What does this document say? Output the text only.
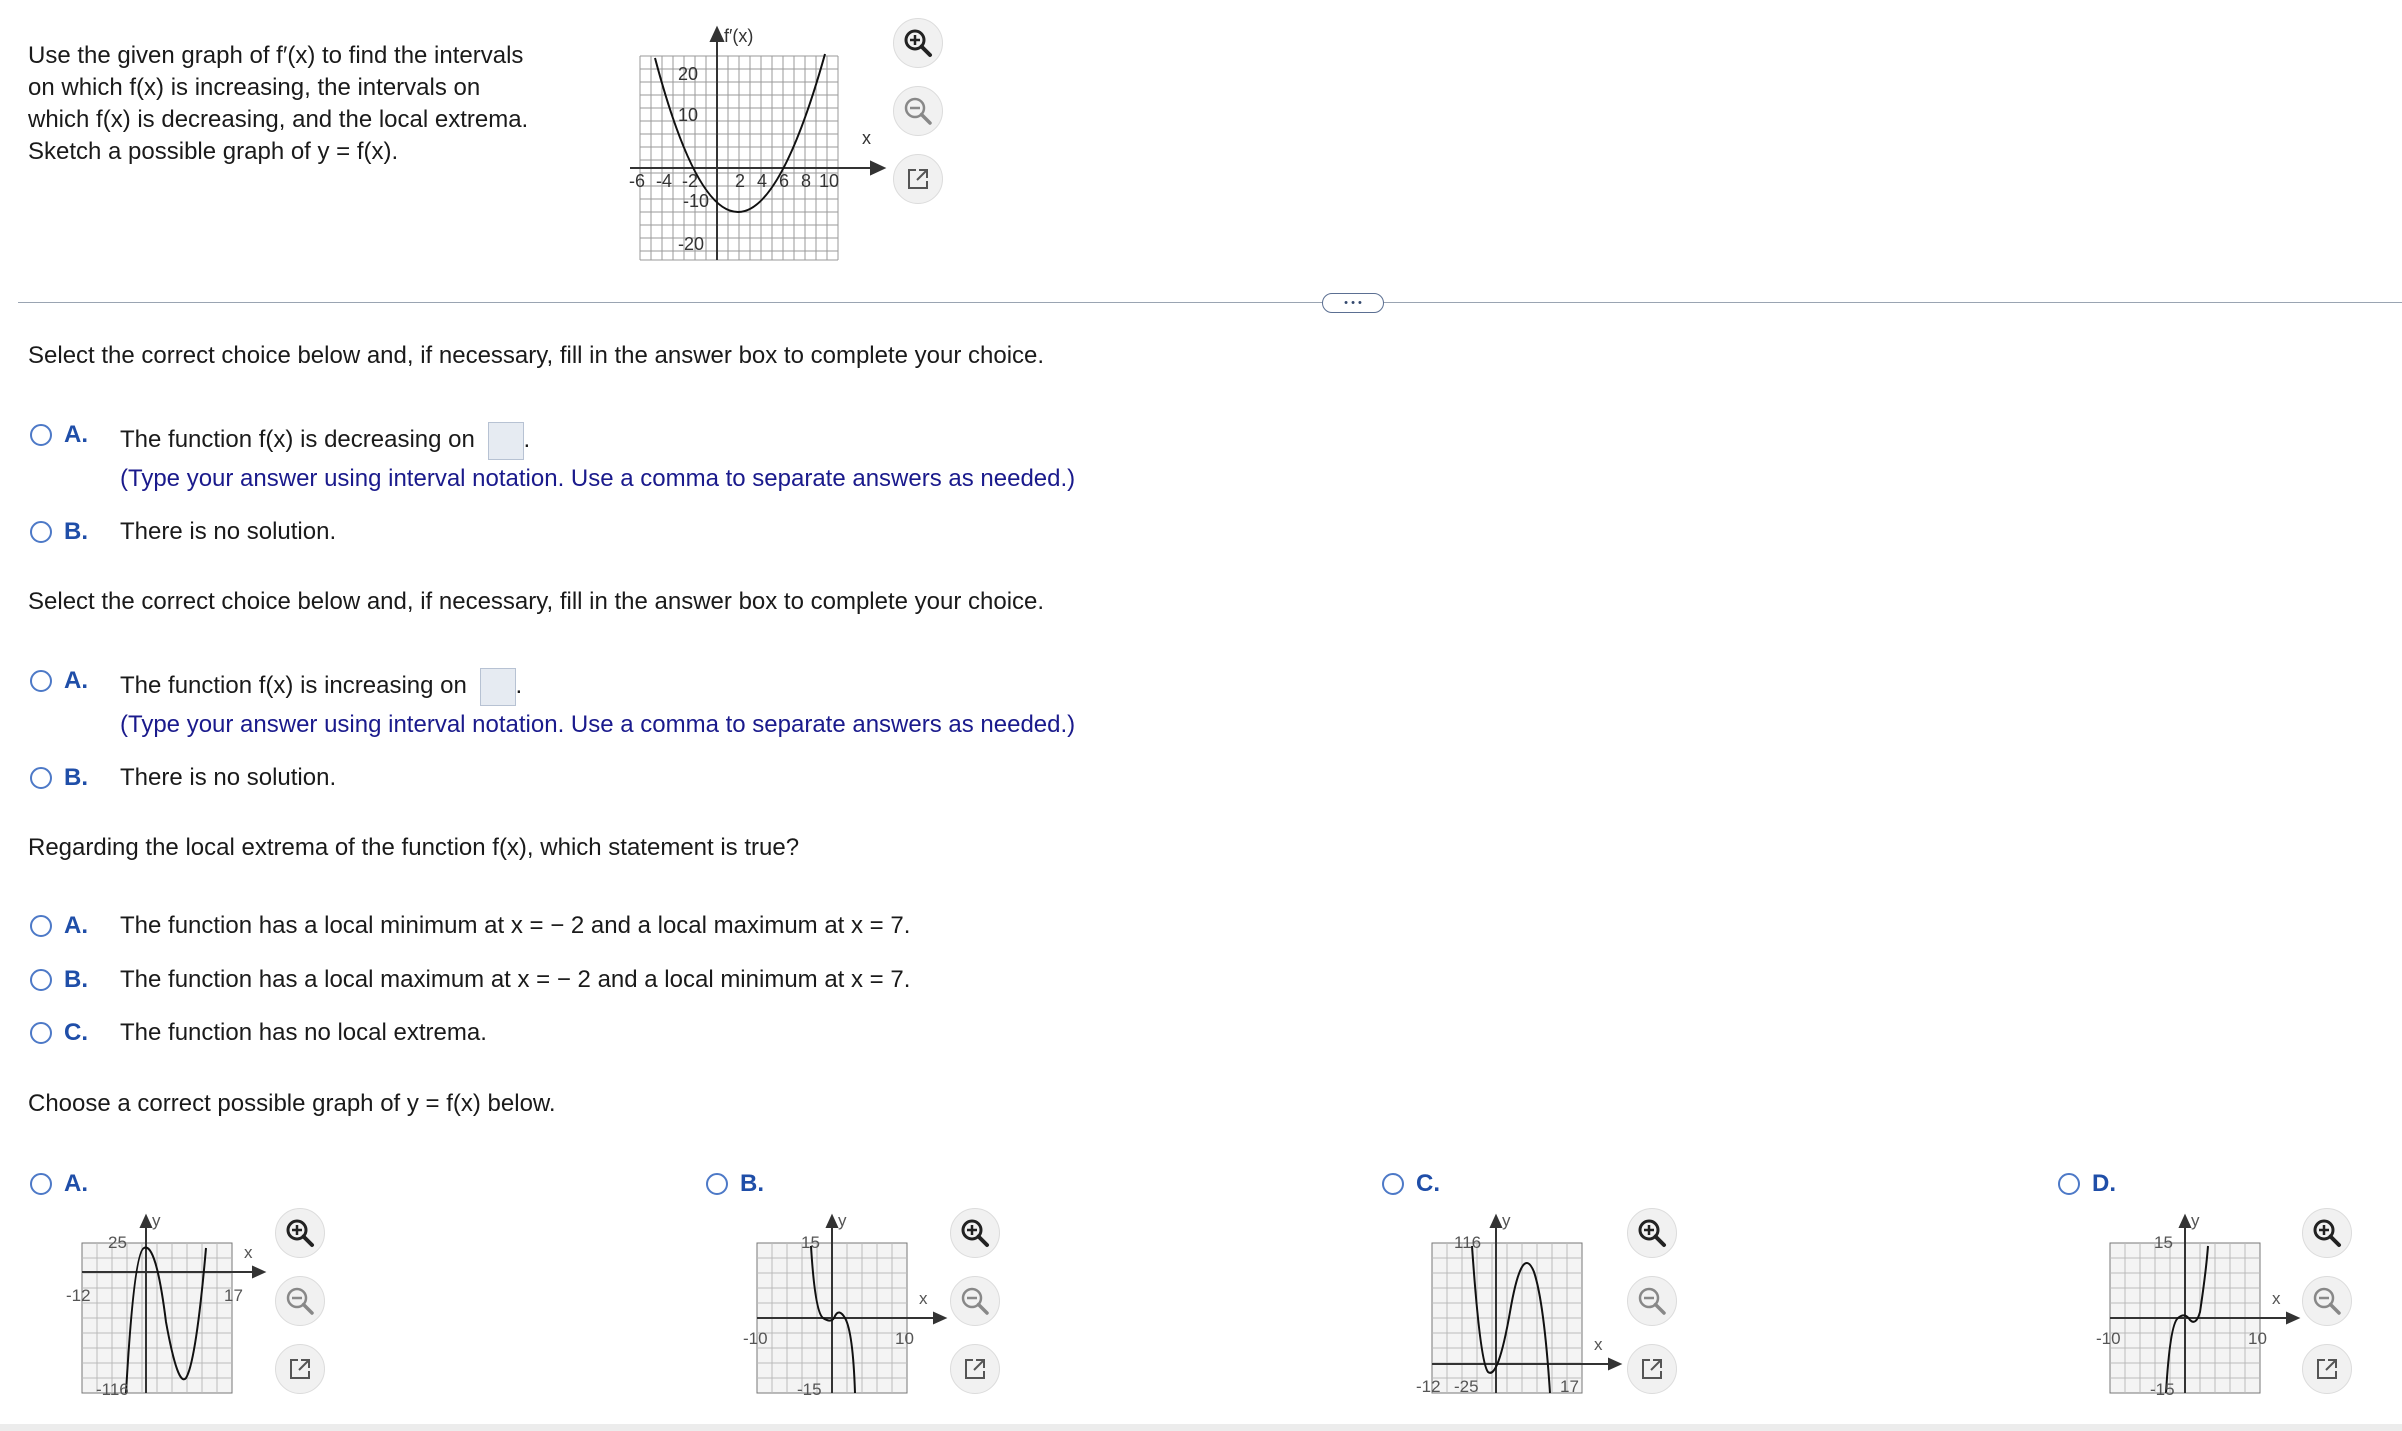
Use the given graph of f′(x) to find the intervals
on which f(x) is increasing, the intervals on
which f(x) is decreasing, and the local extrema.
Sketch a possible graph of y = f(x).
f′(x)
x
20
10
-10
-20
-6 -4 -2 2 4 6 8 10
• • •
Select the correct choice below and, if necessary, fill in the answer box to complete your choice.
A.	The function f(x) is decreasing on .
(Type your answer using interval notation. Use a comma to separate answers as needed.)
B.	There is no solution.
Select the correct choice below and, if necessary, fill in the answer box to complete your choice.
A.	The function f(x) is increasing on .
(Type your answer using interval notation. Use a comma to separate answers as needed.)
B.	There is no solution.
Regarding the local extrema of the function f(x), which statement is true?
A.	The function has a local minimum at x = − 2 and a local maximum at x = 7.
B.	The function has a local maximum at x = − 2 and a local minimum at x = 7.
C.	The function has no local extrema.
Choose a correct possible graph of y = f(x) below.
A.
y
x
25
-12	17
-116
B.
y
x
15
-10	10
-15
C.
y
x
116
-12 -25	17
D.
y
x
15
-10	10
-15
